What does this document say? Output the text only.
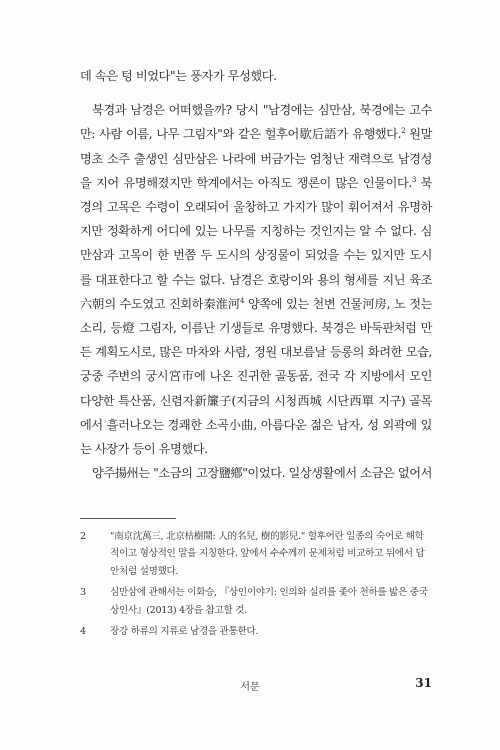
데 속은 텅 비었다"는 풍자가 무성했다.

북경과 남경은 어떠했을까? 당시 "남경에는 심만삼, 북경에는 고수만: 사람 이름, 나무 그림자"와 같은 헐후어歇后語가 유행했다.$^2$ 원말 명초 소주 출생인 심만삼은 나라에 버금가는 엄청난 재력으로 남경성을 지어 유명해졌지만 학계에서는 아직도 쟁론이 많은 인물이다.$^3$ 북경의 고목은 수령이 오래되어 울창하고 가지가 많이 휘어져서 유명하지만 정확하게 어디에 있는 나무를 지칭하는 것인지는 알 수 없다. 심만삼과 고목이 한 번쯤 두 도시의 상징물이 되었을 수는 있지만 도시를 대표한다고 할 수는 없다. 남경은 호랑이와 용의 형세를 지닌 육조六朝의 수도였고 진회하秦淮河$^4$ 양쪽에 있는 천변 건물河房, 노 젓는 소리, 등燈 그림자, 이름난 기생들로 유명했다. 북경은 바둑판처럼 만든 계획도시로, 많은 마차와 사람, 정원 대보름날 등롱의 화려한 모습, 궁중 주변의 궁시宮市에 나온 진귀한 골동품, 전국 각 지방에서 모인 다양한 특산품, 신렴자新簾子(지금의 시청西城 시단西單 지구) 골목에서 흘러나오는 경쾌한 소곡小曲, 아름다운 젊은 남자, 성 외곽에 있는 사장가 등이 유명했다.

양주揚州는 "소금의 고장鹽鄕"이었다. 일상생활에서 소금은 없어서

2	"南京沈萬三, 北京枯樹鬧: 人的名兒, 樹的影兒." 헐후어란 일종의 숙어로 해학적이고 형상적인 말을 지칭한다. 앞에서 수수께끼 문제처럼 비교하고 뒤에서 답안처럼 설명했다.
3	심만삼에 관해서는 이화승, 『상인이야기: 인의와 실리를 좇아 천하를 밟은 중국 상인사』(2013) 4장을 참고할 것.
4	장강 하류의 지류로 남경을 관통한다.
서문	31
